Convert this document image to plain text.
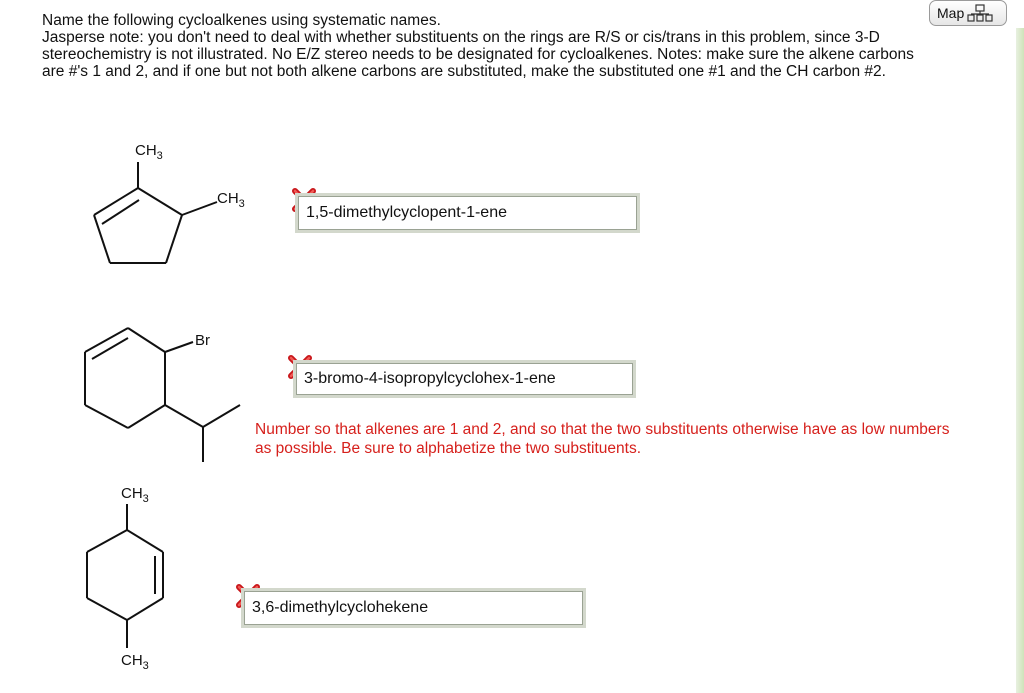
Name the following cycloalkenes using systematic names.

Jasperse note: you don't need to deal with whether substituents on the rings are R/S or cis/trans in this problem, since 3-D stereochemistry is not illustrated. No E/Z stereo needs to be designated for cycloalkenes. Notes: make sure the alkene carbons are #'s 1 and 2, and if one but not both alkene carbons are substituted, make the substituted one #1 and the CH carbon #2.

Map
$CH_3$
$CH_3$	1,5-dimethylcyclopent-1-ene
Br
3-bromo-4-isopropylcyclohex-1-ene
Number so that alkenes are 1 and 2, and so that the two substituents otherwise have as low numbers as possible. Be sure to alphabetize the two substituents.
$CH_3$
$CH_3$
3,6-dimethylcyclohekene
